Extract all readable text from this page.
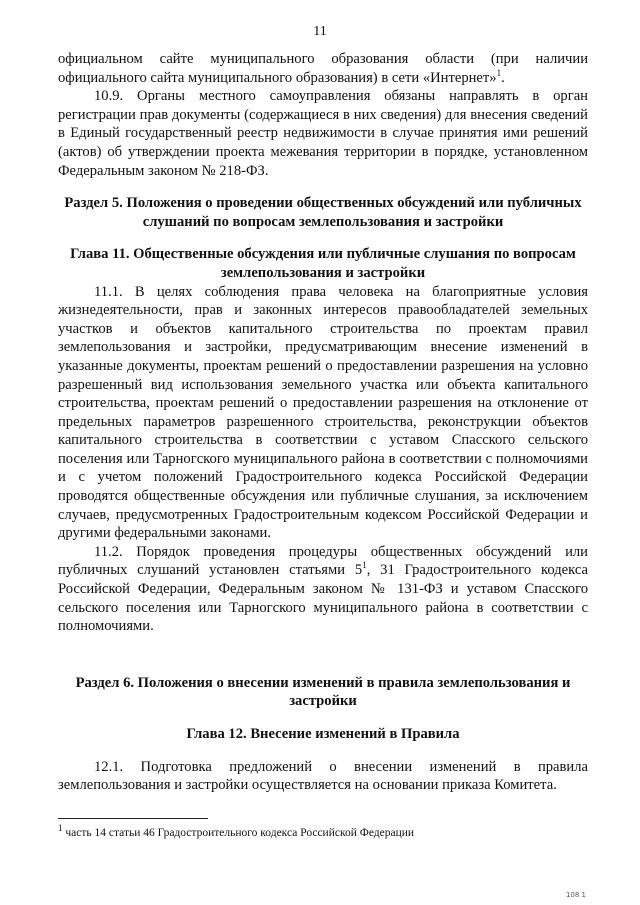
11

официальном сайте муниципального образования области (при наличии официального сайта муниципального образования) в сети «Интернет»$^1$.

10.9. Органы местного самоуправления обязаны направлять в орган регистрации прав документы (содержащиеся в них сведения) для внесения сведений в Единый государственный реестр недвижимости в случае принятия ими решений (актов) об утверждении проекта межевания территории в порядке, установленном Федеральным законом № 218-ФЗ.

Раздел 5. Положения о проведении общественных обсуждений или публичных слушаний по вопросам землепользования и застройки
Глава 11. Общественные обсуждения или публичные слушания по вопросам землепользования и застройки

11.1. В целях соблюдения права человека на благоприятные условия жизнедеятельности, прав и законных интересов правообладателей земельных участков и объектов капитального строительства по проектам правил землепользования и застройки, предусматривающим внесение изменений в указанные документы, проектам решений о предоставлении разрешения на условно разрешенный вид использования земельного участка или объекта капитального строительства, проектам решений о предоставлении разрешения на отклонение от предельных параметров разрешенного строительства, реконструкции объектов капитального строительства в соответствии с уставом Спасского сельского поселения или Тарногского муниципального района в соответствии с полномочиями и с учетом положений Градостроительного кодекса Российской Федерации проводятся общественные обсуждения или публичные слушания, за исключением случаев, предусмотренных Градостроительным кодексом Российской Федерации и другими федеральными законами.

11.2. Порядок проведения процедуры общественных обсуждений или публичных слушаний установлен статьями $5^1$, 31 Градостроительного кодекса Российской Федерации, Федеральным законом № 131-ФЗ и уставом Спасского сельского поселения или Тарногского муниципального района в соответствии с полномочиями.

Раздел 6. Положения о внесении изменений в правила землепользования и застройки
Глава 12. Внесение изменений в Правила

12.1. Подготовка предложений о внесении изменений в правила землепользования и застройки осуществляется на основании приказа Комитета.

$^1$ часть 14 статьи 46 Градостроительного кодекса Российской Федерации
108 1
